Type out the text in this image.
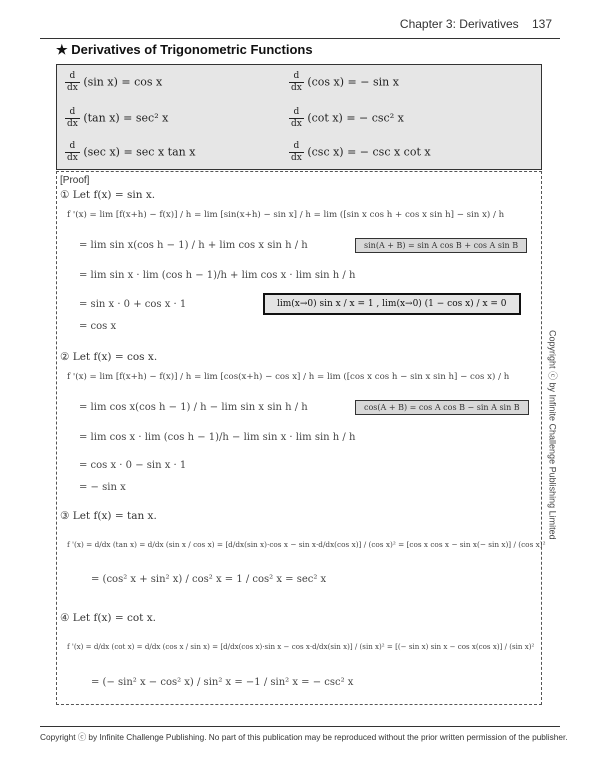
Chapter 3: Derivatives 137
★ Derivatives of Trigonometric Functions
$\frac{d}{dx} (\sin$ x) = cos x	$\frac{d}{dx} (\cos$ x) = − sin x
$\frac{d}{dx} (\tan$ x) = sec² x	$\frac{d}{dx} (\cot$ x) = − csc² x
$\frac{d}{dx} (\sec$ x) = sec x tan x	$\frac{d}{dx} (\csc$ x) = − csc x cot x
[Proof]
① Let f(x) = sin x.
f '(x) = lim [f(x+h) − f(x)] / h = lim [sin(x+h) − sin x] / h = lim ([sin x cos h + cos x sin h] − sin x) / h
= lim sin x(cos h − 1) / h + lim cos x sin h / h	sin(A + B) = sin A cos B + cos A sin B
= lim sin x · lim (cos h − 1)/h + lim cos x · lim sin h / h
= sin x · 0 + cos x · 1	lim(x→0) sin x / x = 1 , lim(x→0) (1 − cos x) / x = 0
= cos x
② Let f(x) = cos x.
f '(x) = lim [f(x+h) − f(x)] / h = lim [cos(x+h) − cos x] / h = lim ([cos x cos h − sin x sin h] − cos x) / h
= lim cos x(cos h − 1) / h − lim sin x sin h / h	cos(A + B) = cos A cos B − sin A sin B
= lim cos x · lim (cos h − 1)/h − lim sin x · lim sin h / h
= cos x · 0 − sin x · 1
= − sin x
③ Let f(x) = tan x.
f '(x) = d/dx (tan x) = d/dx (sin x / cos x) = [d/dx(sin x)·cos x − sin x·d/dx(cos x)] / (cos x)² = [cos x cos x − sin x(− sin x)] / (cos x)²
= (cos² x + sin² x) / cos² x = 1 / cos² x = sec² x
④ Let f(x) = cot x.
f '(x) = d/dx (cot x) = d/dx (cos x / sin x) = [d/dx(cos x)·sin x − cos x·d/dx(sin x)] / (sin x)² = [(− sin x) sin x − cos x(cos x)] / (sin x)²
= (− sin² x − cos² x) / sin² x = −1 / sin² x = − csc² x
Copyright ⓒ by Infinite Challenge Publishing Limited
Copyright ⓒ by Infinite Challenge Publishing. No part of this publication may be reproduced without the prior written permission of the publisher.
